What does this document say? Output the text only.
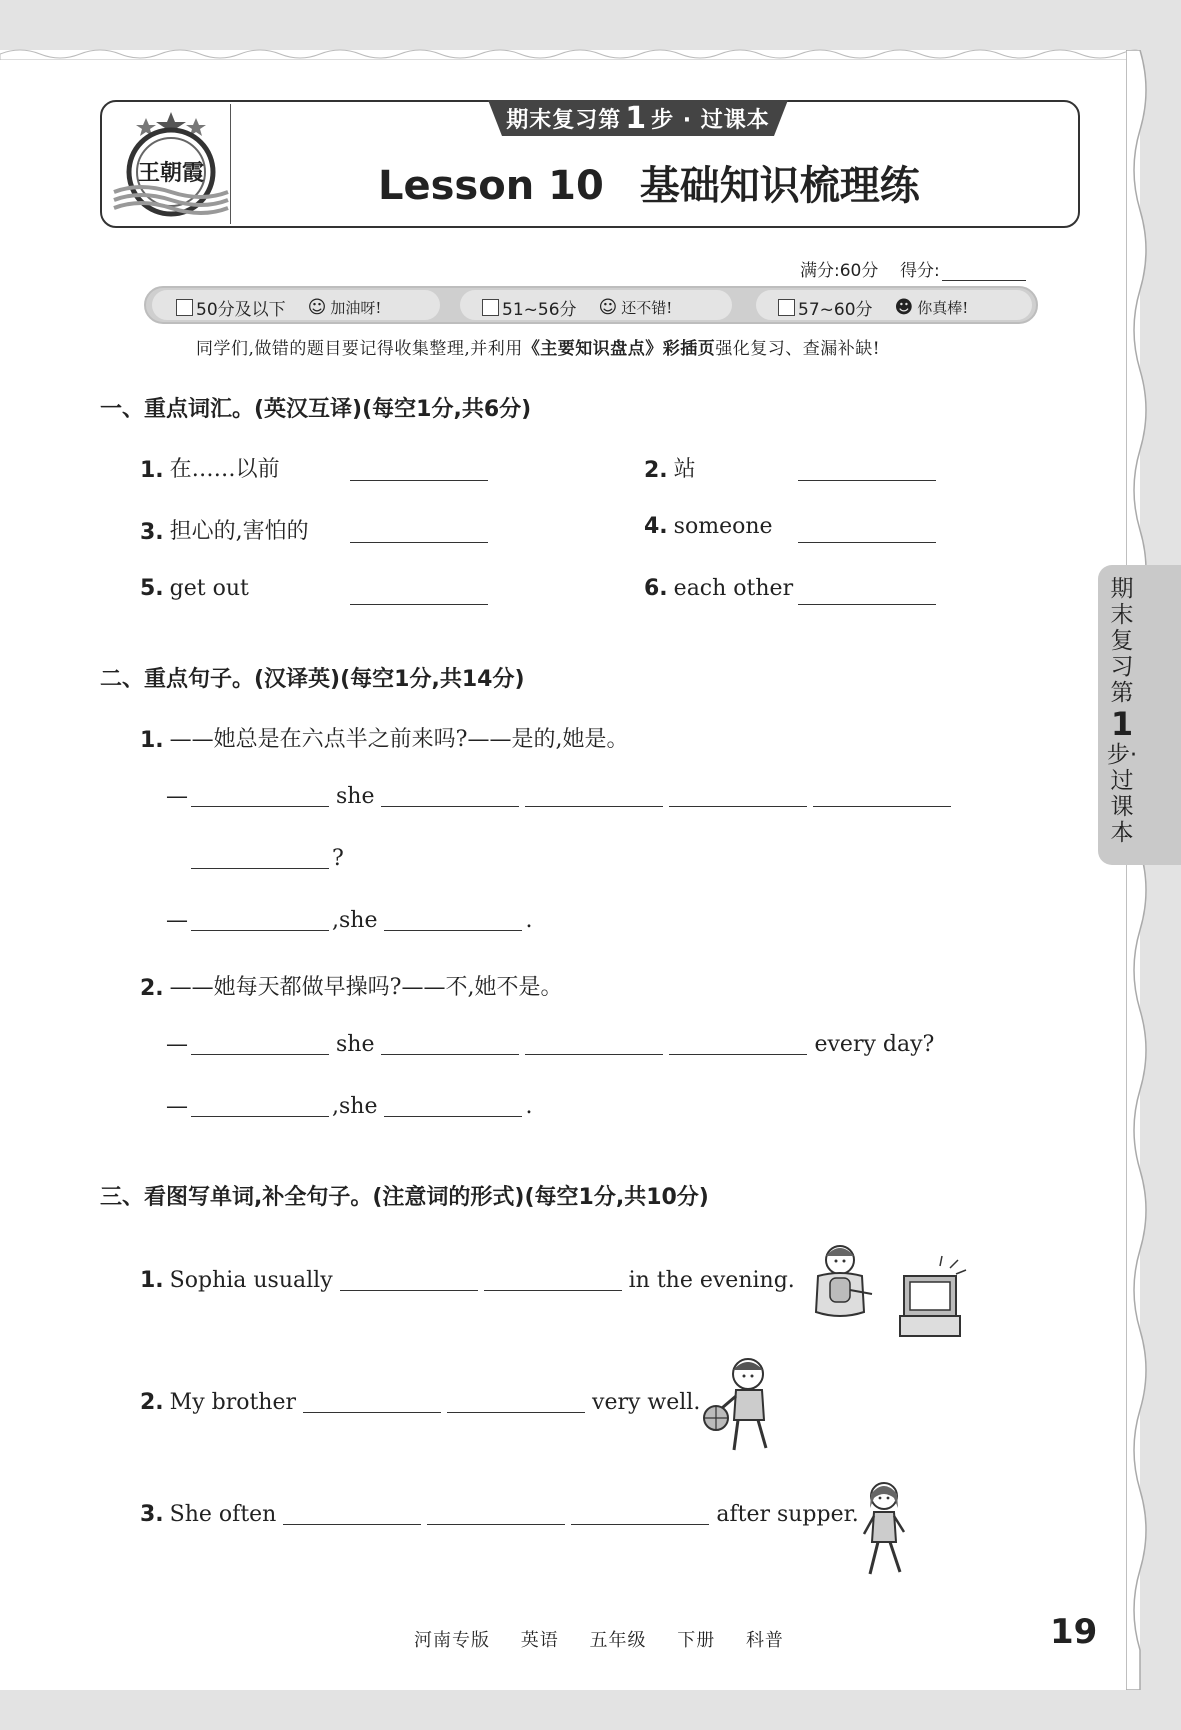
王朝霞
期末复习第 1 步 · 过课本
Lesson 10 基础知识梳理练
满分:60分 得分:
50分及以下 ☺ 加油呀!	51~56分 ☺ 还不错!	57~60分 ☻ 你真棒!
同学们,做错的题目要记得收集整理,并利用《主要知识盘点》彩插页强化复习、查漏补缺!
一、重点词汇。(英汉互译)(每空1分,共6分)
1. 在……以前	2. 站
3. 担心的,害怕的	4. someone
5. get out	6. each other
二、重点句子。(汉译英)(每空1分,共14分)
1. ——她总是在六点半之前来吗?——是的,她是。
—	she
?
—	,she	.
2. ——她每天都做早操吗?——不,她不是。
—	she	every day?
—	,she	.
三、看图写单词,补全句子。(注意词的形式)(每空1分,共10分)
1. Sophia usually	in the evening.
2. My brother	very well.
3. She often	after supper.
期末复习第
1
步·过课本
河南专版 英语 五年级 下册 科普	19
